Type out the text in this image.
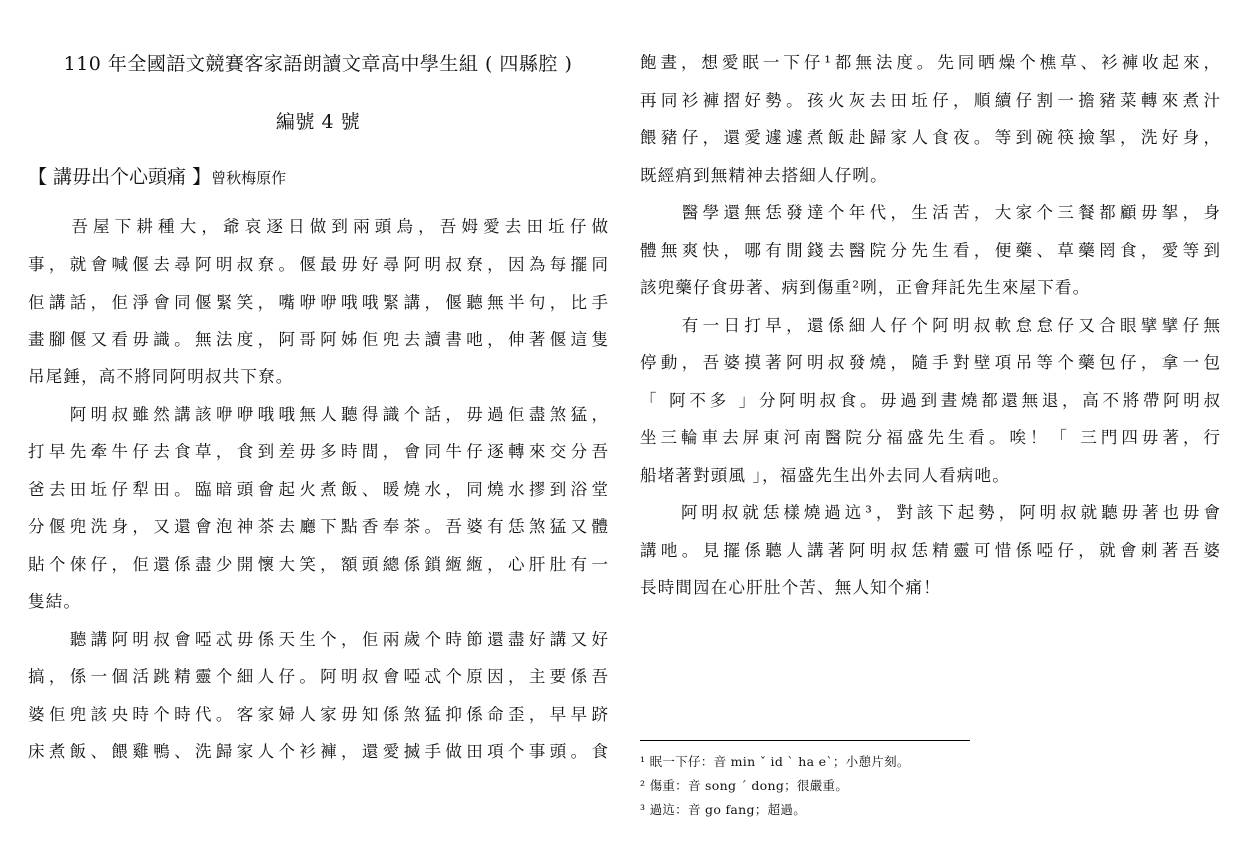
110 年全國語文競賽客家語朗讀文章高中學生組 ( 四縣腔 )

編號 4 號

【 講毋出个心頭痛 】曾秋梅原作
　　吾屋下耕種大，爺哀逐日做到兩頭烏，吾姆愛去田坵仔做
事，就會喊偃去尋阿明叔尞。偃最毋好尋阿明叔尞，因為每擺同
佢講話，佢淨會同偃緊笑，嘴咿咿哦哦緊講，偃聽無半句，比手
畫腳偃又看毋識。無法度，阿哥阿姊佢兜去讀書吔，伸著偃這隻
吊尾錘，高不將同阿明叔共下尞。
　　阿明叔雖然講該咿咿哦哦無人聽得識个話，毋過佢盡煞猛，
打早先牽牛仔去食草，食到差毋多時間，會同牛仔逐轉來交分吾
爸去田坵仔犁田。臨暗頭會起火煮飯、暖燒水，同燒水摎到浴堂
分偃兜洗身，又還會泡神茶去廳下點香奉茶。吾婆有恁煞猛又體
貼个倈仔，佢還係盡少開懷大笑，額頭總係鎖緪緪，心肝肚有一
隻結。
　　聽講阿明叔會啞忒毋係天生个，佢兩歲个時節還盡好講又好
搞，係一個活跳精靈个細人仔。阿明叔會啞忒个原因，主要係吾
婆佢兜該央時个時代。客家婦人家毋知係煞猛抑係命歪，早早跻
床煮飯、餵雞鴨、洗歸家人个衫褲，還愛搣手做田項个事頭。食
飽晝，想愛眠一下仔¹都無法度。先同晒燥个樵草、衫褲收起來，
再同衫褲摺好勢。孩火灰去田坵仔，順續仔割一擔豬菜轉來煮汁
餵豬仔，還愛遽遽煮飯赴歸家人食夜。等到碗筷撿挐，洗好身，
既經㾓到無精神去搭細人仔咧。
　　醫學還無恁發達个年代，生活苦，大家个三餐都顧毋挐，身
體無爽快，哪有閒錢去醫院分先生看，便藥、草藥罔食，愛等到
該兜藥仔食毋著、病到傷重²咧，正會拜託先生來屋下看。
　　有一日打早，還係細人仔个阿明叔軟怠怠仔又合眼擘擘仔無
停動，吾婆摸著阿明叔發燒，隨手對壁項吊等个藥包仔，拿一包
「 阿不多 」分阿明叔食。毋過到晝燒都還無退，高不將帶阿明叔
坐三輪車去屏東河南醫院分福盛先生看。唉！「 三門四毋著，行
船堵著對頭風 」，福盛先生出外去同人看病吔。
　　阿明叔就恁樣燒過迒³，對該下起勢，阿明叔就聽毋著也毋會
講吔。見擺係聽人講著阿明叔恁精靈可惜係啞仔，就會刺著吾婆
長時間囥在心肝肚个苦、無人知个痛！
¹ 眠一下仔：音 min ˇ id ˋ ha eˋ；小憩片刻。
² 傷重：音 song ˊ dong；很嚴重。
³ 過迒：音 go fang；超過。
